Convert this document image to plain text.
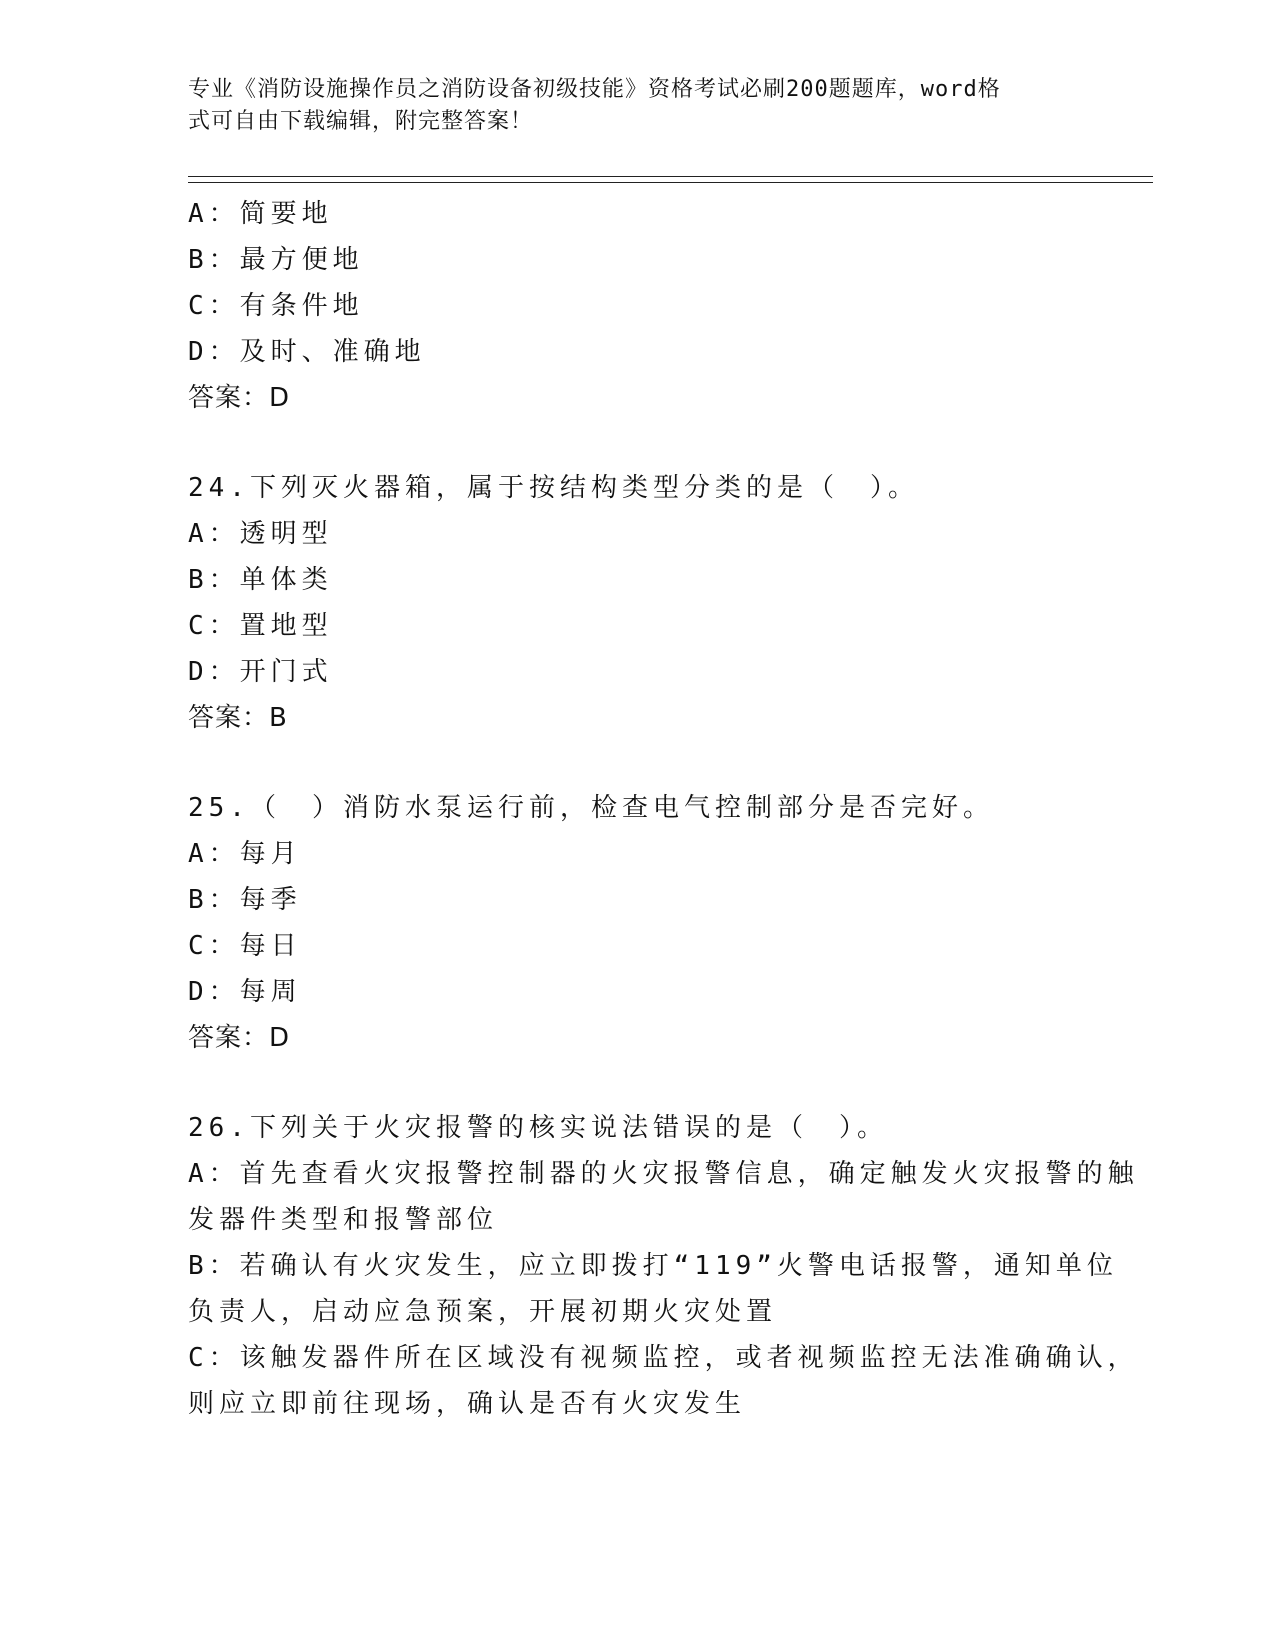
专业《消防设施操作员之消防设备初级技能》资格考试必刷200题题库，word格
式可自由下载编辑，附完整答案！
A：简要地
B：最方便地
C：有条件地
D：及时、准确地
答案：D
24.下列灭火器箱，属于按结构类型分类的是（　）。
A：透明型
B：单体类
C：置地型
D：开门式
答案：B
25.（　）消防水泵运行前，检查电气控制部分是否完好。
A：每月
B：每季
C：每日
D：每周
答案：D
26.下列关于火灾报警的核实说法错误的是（　）。
A：首先查看火灾报警控制器的火灾报警信息，确定触发火灾报警的触
发器件类型和报警部位
B：若确认有火灾发生，应立即拨打“119”火警电话报警，通知单位
负责人，启动应急预案，开展初期火灾处置
C：该触发器件所在区域没有视频监控，或者视频监控无法准确确认，
则应立即前往现场，确认是否有火灾发生
